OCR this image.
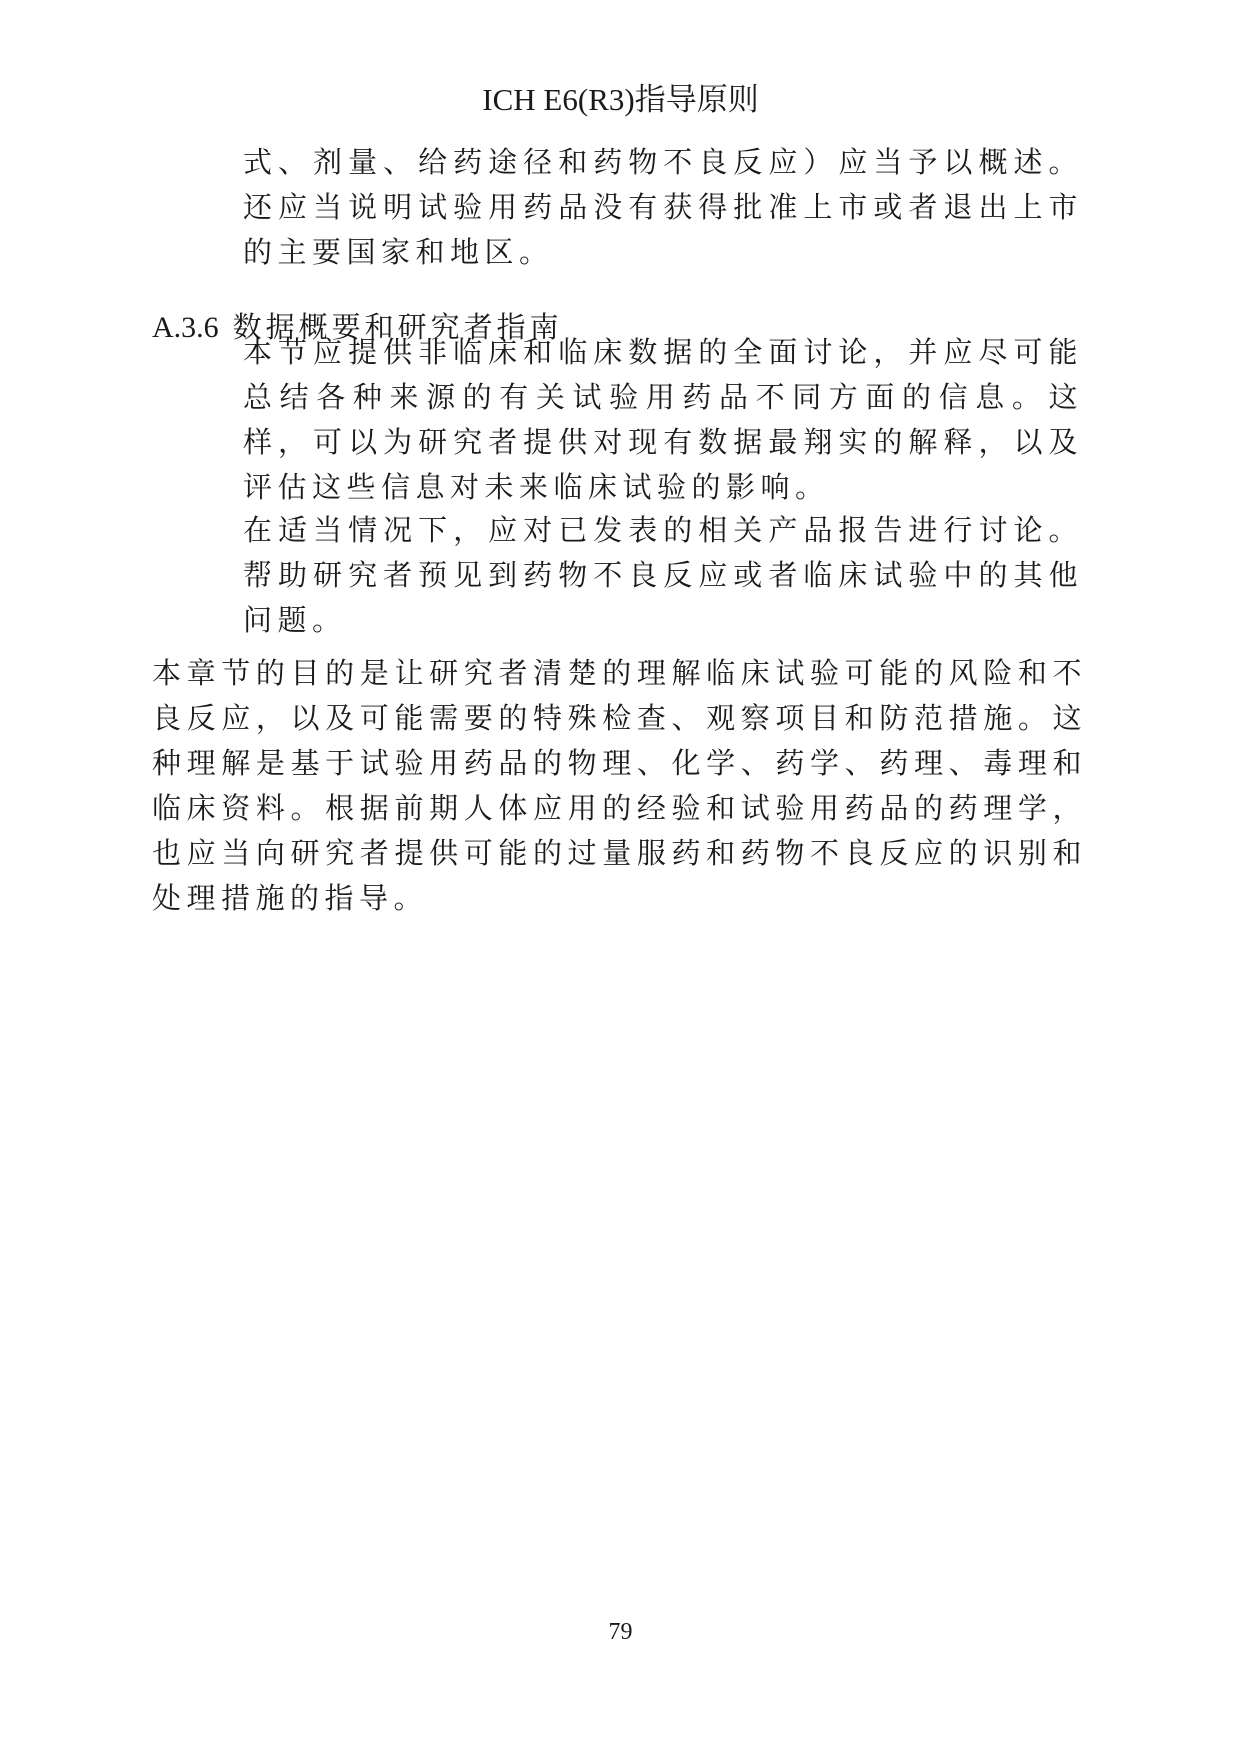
ICH E6(R3)指导原则

式、剂量、给药途径和药物不良反应）应当予以概述。还应当说明试验用药品没有获得批准上市或者退出上市的主要国家和地区。

A.3.6 数据概要和研究者指南

本节应提供非临床和临床数据的全面讨论，并应尽可能总结各种来源的有关试验用药品不同方面的信息。这样，可以为研究者提供对现有数据最翔实的解释，以及评估这些信息对未来临床试验的影响。

在适当情况下，应对已发表的相关产品报告进行讨论。帮助研究者预见到药物不良反应或者临床试验中的其他问题。

本章节的目的是让研究者清楚的理解临床试验可能的风险和不良反应，以及可能需要的特殊检查、观察项目和防范措施。这种理解是基于试验用药品的物理、化学、药学、药理、毒理和临床资料。根据前期人体应用的经验和试验用药品的药理学，也应当向研究者提供可能的过量服药和药物不良反应的识别和处理措施的指导。

79
